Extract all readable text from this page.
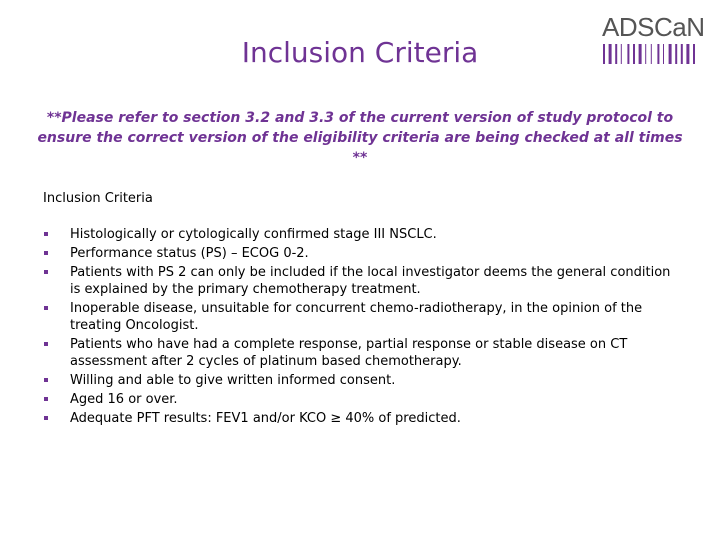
ADSCaN
Inclusion Criteria
**Please refer to section 3.2 and 3.3 of the current version of study protocol to
ensure the correct version of the eligibility criteria are being checked at all times **
Inclusion Criteria
Histologically or cytologically confirmed stage III NSCLC.
Performance status (PS) – ECOG 0-2.
Patients with PS 2 can only be included if the local investigator deems the general condition is explained by the primary chemotherapy treatment.
Inoperable disease, unsuitable for concurrent chemo-radiotherapy, in the opinion of the treating Oncologist.
Patients who have had a complete response, partial response or stable disease on CT assessment after 2 cycles of platinum based chemotherapy.
Willing and able to give written informed consent.
Aged 16 or over.
Adequate PFT results: FEV1 and/or KCO ≥ 40% of predicted.
